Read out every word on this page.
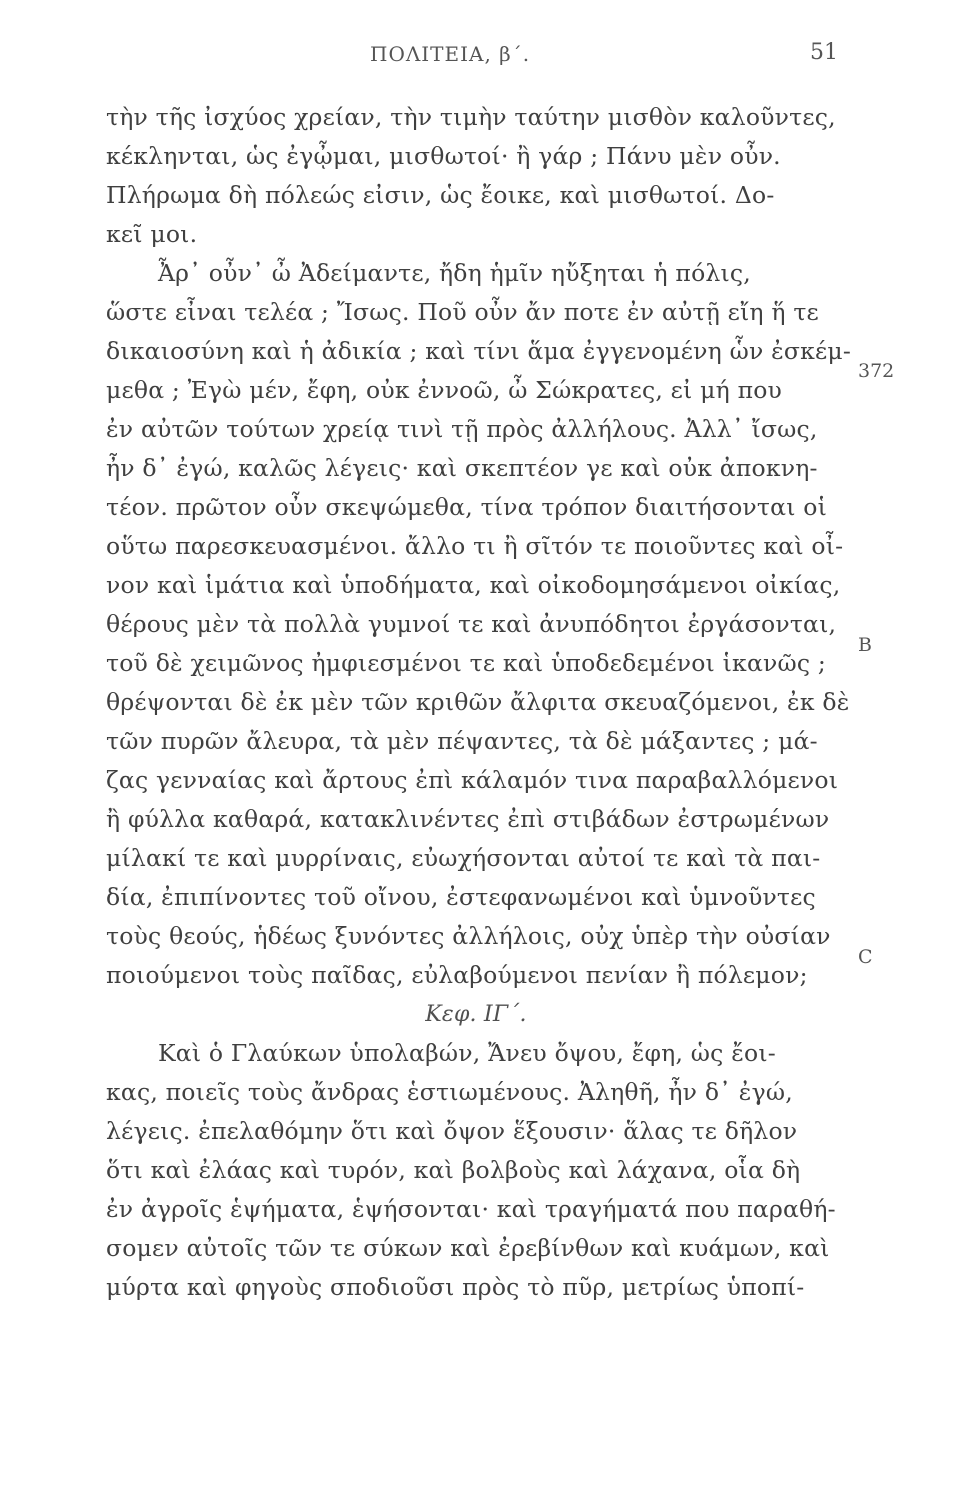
ΠΟΛΙΤΕΙΑ, β΄.	51
τὴν τῆς ἰσχύος χρείαν, τὴν τιμὴν ταύτην μισθὸν καλοῦντες,
κέκληνται, ὡς ἐγᾦμαι, μισθωτοί· ἢ γάρ ; Πάνυ μὲν οὖν.
Πλήρωμα δὴ πόλεώς εἰσιν, ὡς ἔοικε, καὶ μισθωτοί. Δο-
κεῖ μοι.
Ἆρ᾽ οὖν᾽ ὦ Ἀδείμαντε, ἤδη ἡμῖν ηὔξηται ἡ πόλις,
ὥστε εἶναι τελέα ; Ἴσως. Ποῦ οὖν ἄν ποτε ἐν αὐτῇ εἴη ἥ τε
δικαιοσύνη καὶ ἡ ἀδικία ; καὶ τίνι ἅμα ἐγγενομένη ὧν ἐσκέμ-
μεθα ; Ἐγὼ μέν, ἔφη, οὐκ ἐννοῶ, ὦ Σώκρατες, εἰ μή που
ἐν αὐτῶν τούτων χρείᾳ τινὶ τῇ πρὸς ἀλλήλους. Ἀλλ᾽ ἴσως,
ἦν δ᾽ ἐγώ, καλῶς λέγεις· καὶ σκεπτέον γε καὶ οὐκ ἀποκνη-
τέον. πρῶτον οὖν σκεψώμεθα, τίνα τρόπον διαιτήσονται οἱ
οὕτω παρεσκευασμένοι. ἄλλο τι ἢ σῖτόν τε ποιοῦντες καὶ οἶ-
νον καὶ ἱμάτια καὶ ὑποδήματα, καὶ οἰκοδομησάμενοι οἰκίας,
θέρους μὲν τὰ πολλὰ γυμνοί τε καὶ ἀνυπόδητοι ἐργάσονται,
τοῦ δὲ χειμῶνος ἠμφιεσμένοι τε καὶ ὑποδεδεμένοι ἱκανῶς ;
θρέψονται δὲ ἐκ μὲν τῶν κριθῶν ἄλφιτα σκευαζόμενοι, ἐκ δὲ
τῶν πυρῶν ἄλευρα, τὰ μὲν πέψαντες, τὰ δὲ μάξαντες ; μά-
ζας γενναίας καὶ ἄρτους ἐπὶ κάλαμόν τινα παραβαλλόμενοι
ἢ φύλλα καθαρά, κατακλινέντες ἐπὶ στιβάδων ἐστρωμένων
μίλακί τε καὶ μυρρίναις, εὐωχήσονται αὐτοί τε καὶ τὰ παι-
δία, ἐπιπίνοντες τοῦ οἴνου, ἐστεφανωμένοι καὶ ὑμνοῦντες
τοὺς θεούς, ἡδέως ξυνόντες ἀλλήλοις, οὐχ ὑπὲρ τὴν οὐσίαν
ποιούμενοι τοὺς παῖδας, εὐλαβούμενοι πενίαν ἢ πόλεμον;
Κεφ. ΙΓ΄.
Καὶ ὁ Γλαύκων ὑπολαβών, Ἄνευ ὄψου, ἔφη, ὡς ἔοι-
κας, ποιεῖς τοὺς ἄνδρας ἑστιωμένους. Ἀληθῆ, ἦν δ᾽ ἐγώ,
λέγεις. ἐπελαθόμην ὅτι καὶ ὄψον ἕξουσιν· ἅλας τε δῆλον
ὅτι καὶ ἐλάας καὶ τυρόν, καὶ βολβοὺς καὶ λάχανα, οἷα δὴ
ἐν ἀγροῖς ἑψήματα, ἑψήσονται· καὶ τραγήματά που παραθή-
σομεν αὐτοῖς τῶν τε σύκων καὶ ἐρεβίνθων καὶ κυάμων, καὶ
μύρτα καὶ φηγοὺς σποδιοῦσι πρὸς τὸ πῦρ, μετρίως ὑποπί-
372
B
C
